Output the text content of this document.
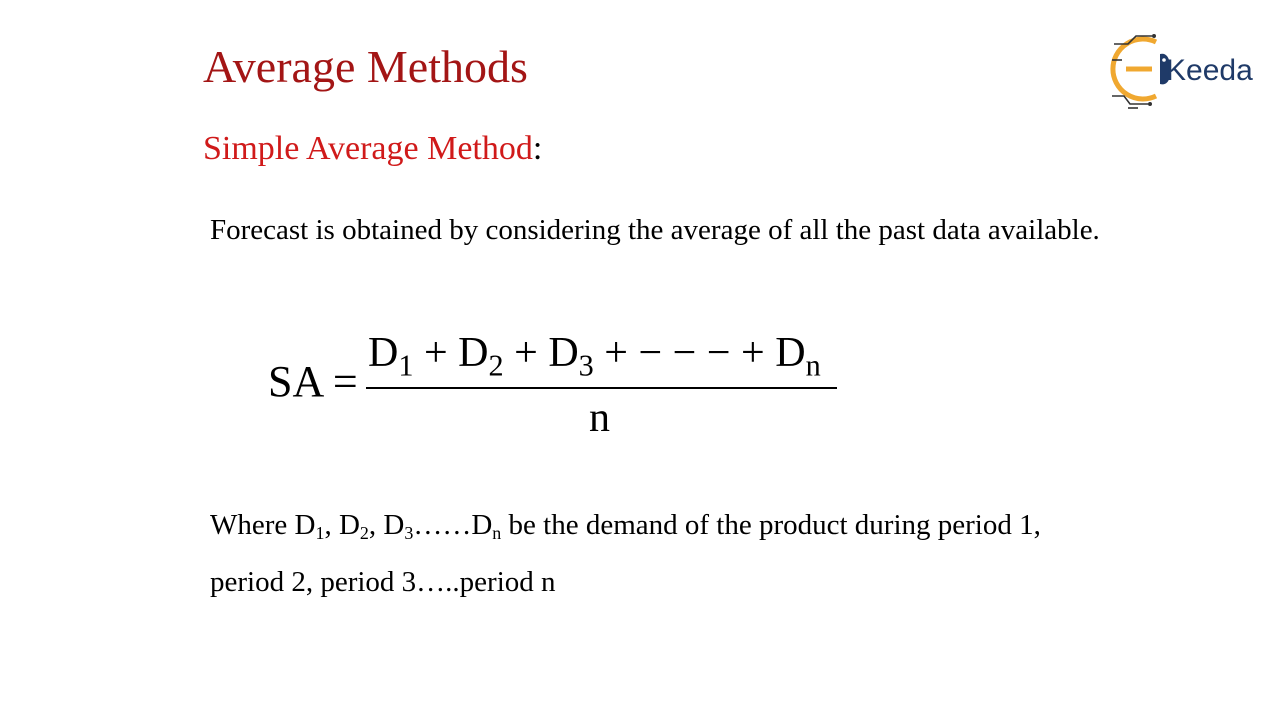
Average Methods
Simple Average Method:
Forecast is obtained by considering the average of all the past data available.
SA =
$D_1 + D_2 + D_3$ + − − − + $D_n$
n
Where $D_1$, $D_2$, $D_3\dots\dots D_n$ be the demand of the product during period 1, period 2, period 3…..period n
Keeda
